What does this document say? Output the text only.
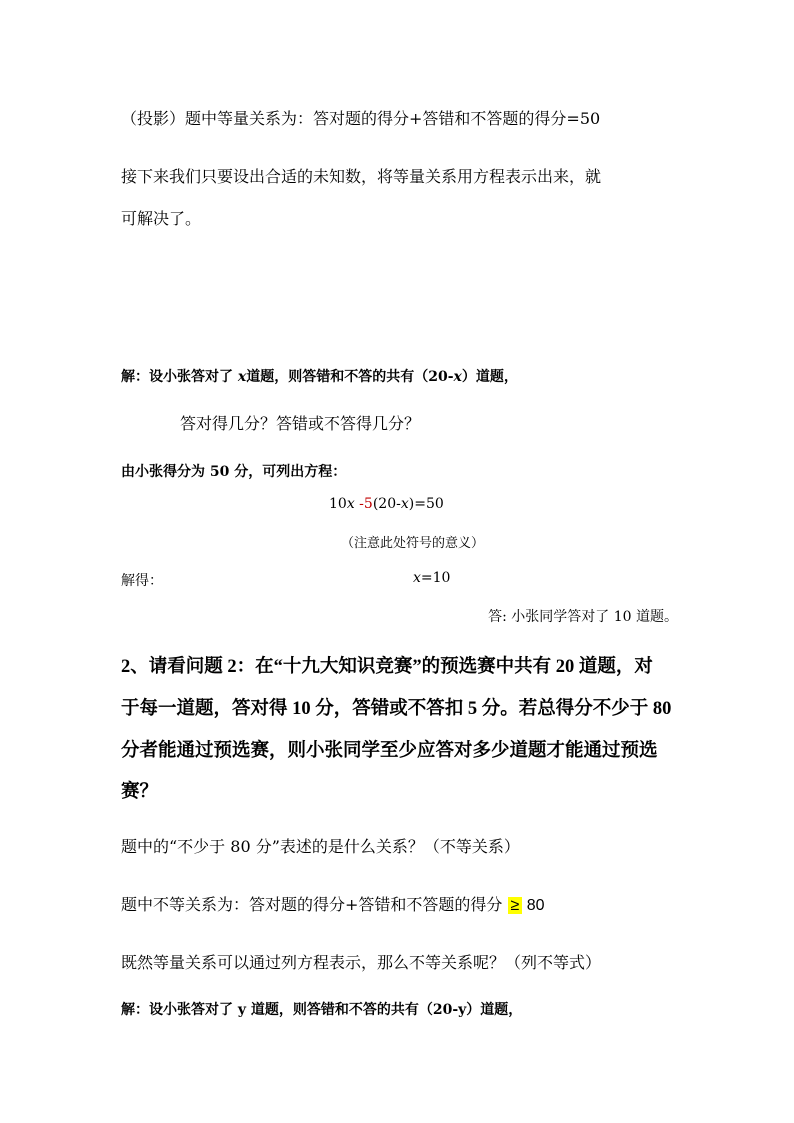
（投影）题中等量关系为：答对题的得分+答错和不答题的得分=50
接下来我们只要设出合适的未知数，将等量关系用方程表示出来，就
可解决了。
解：设小张答对了 x道题，则答错和不答的共有（20-x）道题，
答对得几分？答错或不答得几分？
由小张得分为 50 分，可列出方程：
10x -5(20-x)=50
（注意此处符号的意义）
解得：	x=10
答: 小张同学答对了 10 道题。
2、请看问题 2：在“十九大知识竞赛”的预选赛中共有 20 道题，对
于每一道题，答对得 10 分，答错或不答扣 5 分。若总得分不少于 80
分者能通过预选赛，则小张同学至少应答对多少道题才能通过预选
赛？
题中的“不少于 80 分”表述的是什么关系？（不等关系）
题中不等关系为：答对题的得分+答错和不答题的得分 ≥ 80
既然等量关系可以通过列方程表示，那么不等关系呢？（列不等式）
解：设小张答对了 y 道题，则答错和不答的共有（20-y）道题，
